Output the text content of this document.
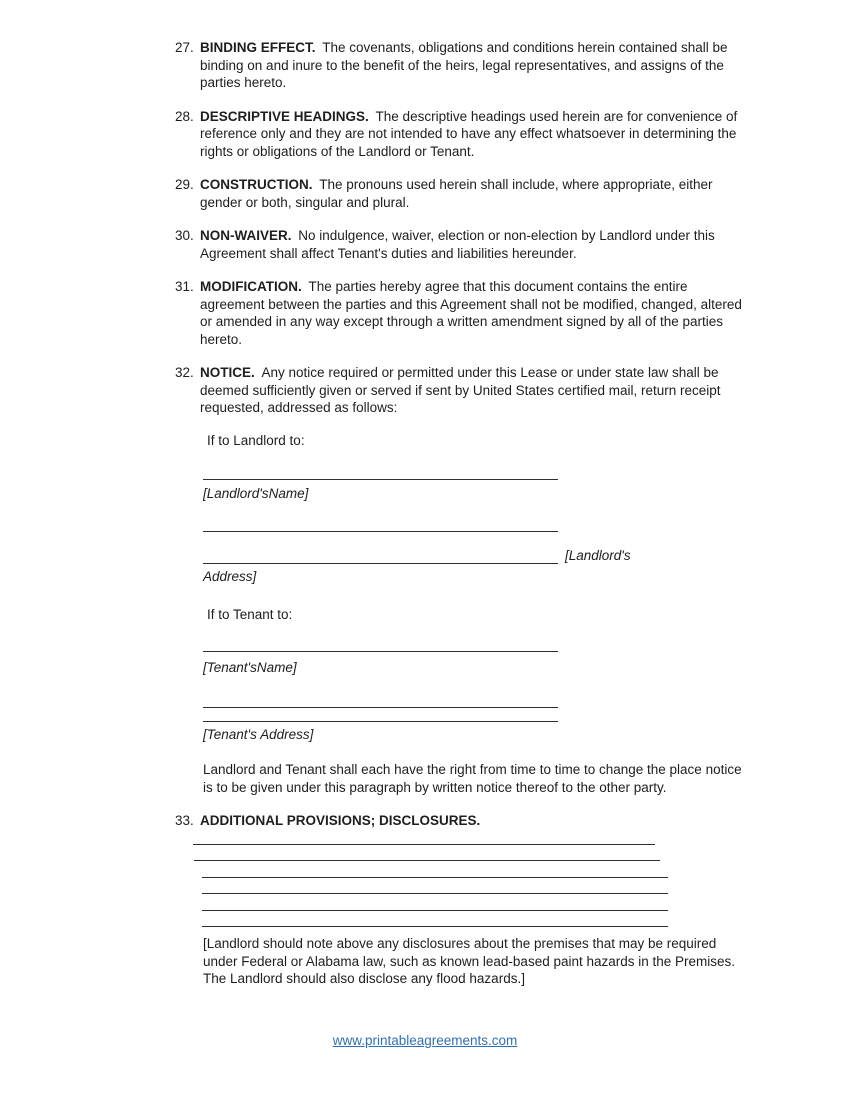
27. BINDING EFFECT. The covenants, obligations and conditions herein contained shall be binding on and inure to the benefit of the heirs, legal representatives, and assigns of the parties hereto.
28. DESCRIPTIVE HEADINGS. The descriptive headings used herein are for convenience of reference only and they are not intended to have any effect whatsoever in determining the rights or obligations of the Landlord or Tenant.
29. CONSTRUCTION. The pronouns used herein shall include, where appropriate, either gender or both, singular and plural.
30. NON-WAIVER. No indulgence, waiver, election or non-election by Landlord under this Agreement shall affect Tenant's duties and liabilities hereunder.
31. MODIFICATION. The parties hereby agree that this document contains the entire agreement between the parties and this Agreement shall not be modified, changed, altered or amended in any way except through a written amendment signed by all of the parties hereto.
32. NOTICE. Any notice required or permitted under this Lease or under state law shall be deemed sufficiently given or served if sent by United States certified mail, return receipt requested, addressed as follows:
If to Landlord to:
[Landlord'sName]
[Landlord's
Address]
If to Tenant to:
[Tenant'sName]
[Tenant's Address]
Landlord and Tenant shall each have the right from time to time to change the place notice is to be given under this paragraph by written notice thereof to the other party.
33. ADDITIONAL PROVISIONS; DISCLOSURES.
[Landlord should note above any disclosures about the premises that may be required under Federal or Alabama law, such as known lead-based paint hazards in the Premises. The Landlord should also disclose any flood hazards.]
www.printableagreements.com
